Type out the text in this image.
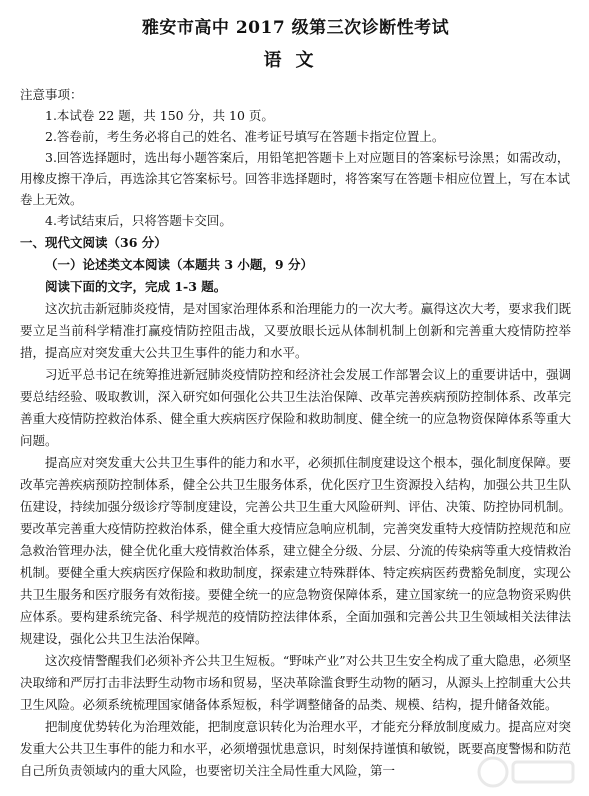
雅安市高中 2017 级第三次诊断性考试
语文
注意事项：
1.本试卷 22 题，共 150 分，共 10 页。
2.答卷前，考生务必将自己的姓名、准考证号填写在答题卡指定位置上。
3.回答选择题时，选出每小题答案后，用铅笔把答题卡上对应题目的答案标号涂黑；如需改动，用橡皮擦干净后，再选涂其它答案标号。回答非选择题时，将答案写在答题卡相应位置上，写在本试卷上无效。
4.考试结束后，只将答题卡交回。
一、现代文阅读（36 分）
（一）论述类文本阅读（本题共 3 小题，9 分）
阅读下面的文字，完成 1-3 题。
这次抗击新冠肺炎疫情，是对国家治理体系和治理能力的一次大考。赢得这次大考，要求我们既要立足当前科学精准打赢疫情防控阻击战，又要放眼长远从体制机制上创新和完善重大疫情防控举措，提高应对突发重大公共卫生事件的能力和水平。
习近平总书记在统筹推进新冠肺炎疫情防控和经济社会发展工作部署会议上的重要讲话中，强调要总结经验、吸取教训，深入研究如何强化公共卫生法治保障、改革完善疾病预防控制体系、改革完善重大疫情防控救治体系、健全重大疾病医疗保险和救助制度、健全统一的应急物资保障体系等重大问题。
提高应对突发重大公共卫生事件的能力和水平，必须抓住制度建设这个根本，强化制度保障。要改革完善疾病预防控制体系，健全公共卫生服务体系，优化医疗卫生资源投入结构，加强公共卫生队伍建设，持续加强分级诊疗等制度建设，完善公共卫生重大风险研判、评估、决策、防控协同机制。要改革完善重大疫情防控救治体系，健全重大疫情应急响应机制，完善突发重特大疫情防控规范和应急救治管理办法，健全优化重大疫情救治体系，建立健全分级、分层、分流的传染病等重大疫情救治机制。要健全重大疾病医疗保险和救助制度，探索建立特殊群体、特定疾病医药费豁免制度，实现公共卫生服务和医疗服务有效衔接。要健全统一的应急物资保障体系，建立国家统一的应急物资采购供应体系。要构建系统完备、科学规范的疫情防控法律体系，全面加强和完善公共卫生领域相关法律法规建设，强化公共卫生法治保障。
这次疫情警醒我们必须补齐公共卫生短板。“野味产业”对公共卫生安全构成了重大隐患，必须坚决取缔和严厉打击非法野生动物市场和贸易，坚决革除滥食野生动物的陋习，从源头上控制重大公共卫生风险。必须系统梳理国家储备体系短板，科学调整储备的品类、规模、结构，提升储备效能。
把制度优势转化为治理效能，把制度意识转化为治理水平，才能充分释放制度威力。提高应对突发重大公共卫生事件的能力和水平，必须增强忧患意识，时刻保持谨慎和敏锐，既要高度警惕和防范自己所负责领域内的重大风险，也要密切关注全局性重大风险，第一
